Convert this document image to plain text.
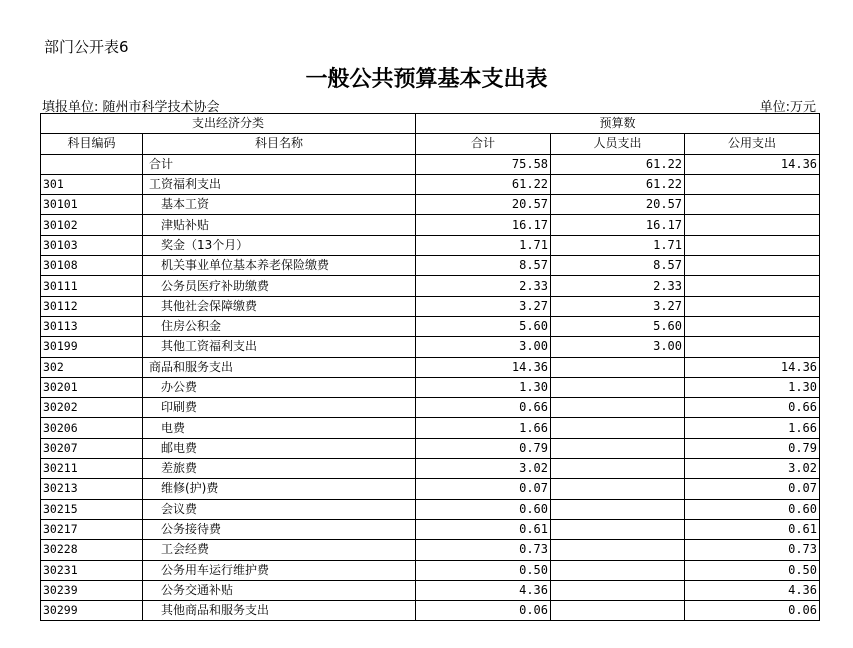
部门公开表6
一般公共预算基本支出表
填报单位: 随州市科学技术协会	单位:万元
支出经济分类		预算数		
科目编码	科目名称	合计	人员支出	公用支出
	合计	75.58	61.22	14.36
301	工资福利支出	61.22	61.22	
30101	基本工资	20.57	20.57	
30102	津贴补贴	16.17	16.17	
30103	奖金（13个月）	1.71	1.71	
30108	机关事业单位基本养老保险缴费	8.57	8.57	
30111	公务员医疗补助缴费	2.33	2.33	
30112	其他社会保障缴费	3.27	3.27	
30113	住房公积金	5.60	5.60	
30199	其他工资福利支出	3.00	3.00	
302	商品和服务支出	14.36		14.36
30201	办公费	1.30		1.30
30202	印刷费	0.66		0.66
30206	电费	1.66		1.66
30207	邮电费	0.79		0.79
30211	差旅费	3.02		3.02
30213	维修(护)费	0.07		0.07
30215	会议费	0.60		0.60
30217	公务接待费	0.61		0.61
30228	工会经费	0.73		0.73
30231	公务用车运行维护费	0.50		0.50
30239	公务交通补贴	4.36		4.36
30299	其他商品和服务支出	0.06		0.06
